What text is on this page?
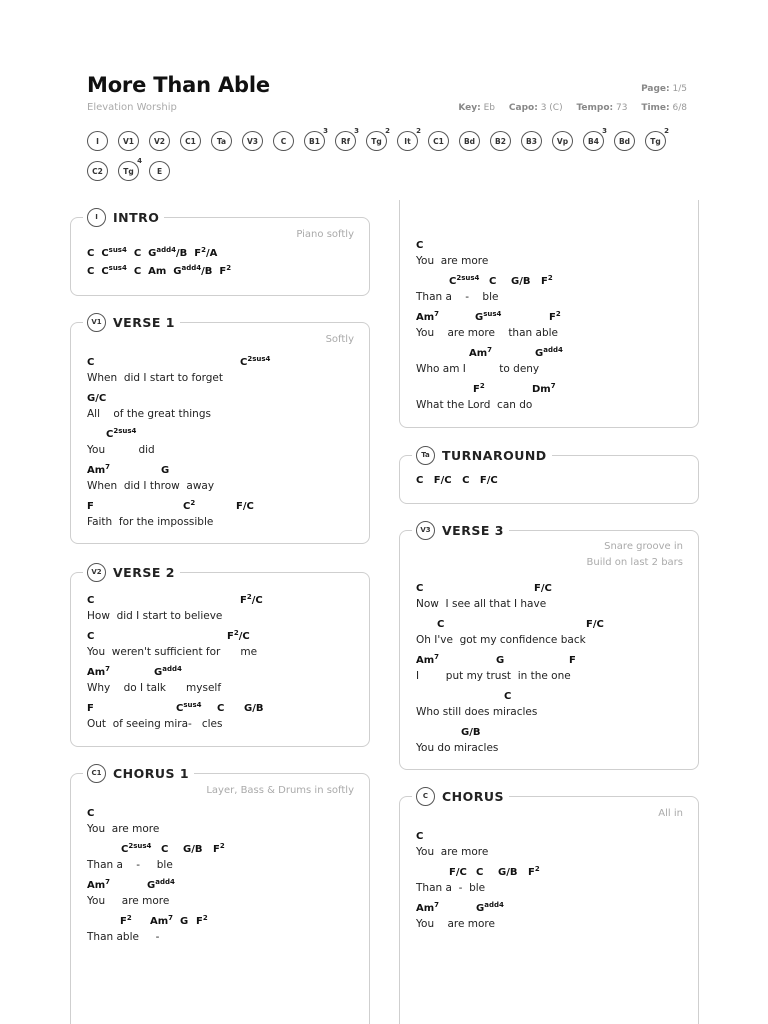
More Than Able
Elevation Worship
Page: 1/5
Key: Eb Capo: 3 (C) Tempo: 73 Time: 6/8
I	V1	V2	C1	Ta	V3	C	B1
3
Rf
3
Tg
2
It
2
C1	Bd	B2	B3	Vp	B4
3
Bd	Tg
2
C2	Tg
4
E
I	INTRO
Piano softly
C $C^{sus4}$ C $G^{add4}/B$ $F^2/A$
C $C^{sus4}$ C Am $G^{add4}/B$ $F^2$
V1 VERSE 1
Softly
C	$C^{2sus4}$
When  did I start to forget
G/C
All    of the great things
$C^{2sus4}$
You          did
Am$^7$	G
When  did I throw  away
F	$C^2$	F/C
Faith  for the impossible
V2 VERSE 2
C	$F^2/C$
How  did I start to believe
C	$F^2/C$
You  weren't sufficient for      me
Am$^7$	$G^{add4}$
Why    do I talk      myself
F	$C^{sus4}$ C G/B
Out  of seeing mira-   cles
C1 CHORUS 1
Layer, Bass & Drums in softly
C
You  are more
$C^{2sus4}$ C G/B $F^2$
Than a    -     ble
Am$^7$	$G^{add4}$
You     are more
$F^2$ Am$^7$ G $F^2$
Than able     -
C
You  are more
$C^{2sus4}$ C G/B $F^2$
Than a    -    ble
Am$^7$	$G^{sus4}$	$F^2$
You    are more    than able
Am$^7$	$G^{add4}$
Who am I          to deny
$F^2$	Dm$^7$
What the Lord  can do
Ta TURNAROUND
C F/C C F/C
V3 VERSE 3
Snare groove in
Build on last 2 bars
C	F/C
Now  I see all that I have
C	F/C
Oh I've  got my confidence back
Am$^7$	G	F
I        put my trust  in the one
C
Who still does miracles
G/B
You do miracles
C	CHORUS
All in
C
You  are more
F/C C G/B $F^2$
Than a  -  ble
Am$^7$	$G^{add4}$
You    are more
